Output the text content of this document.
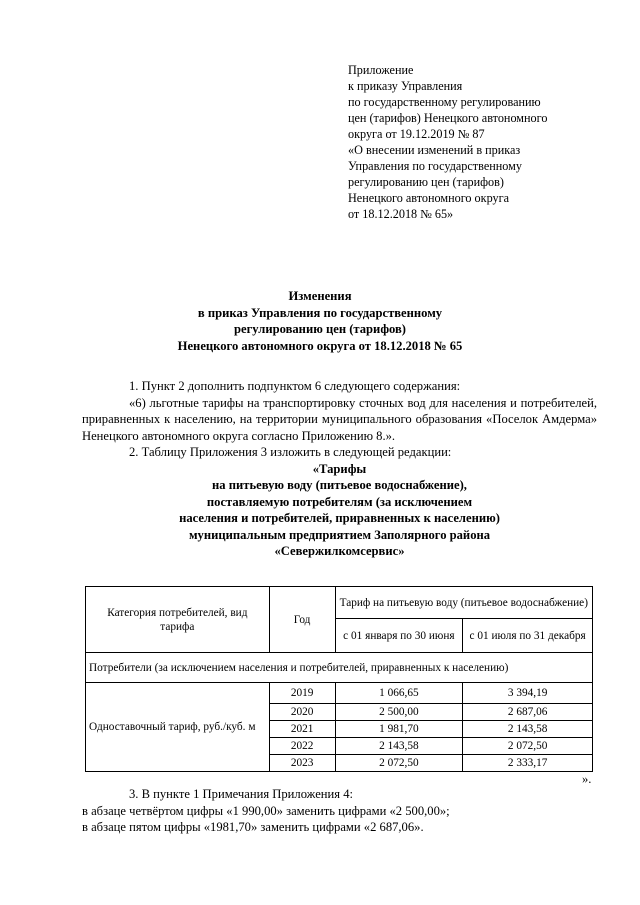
Приложение
к приказу Управления
по государственному регулированию
цен (тарифов) Ненецкого автономного
округа от 19.12.2019 № 87
«О внесении изменений в приказ
Управления по государственному
регулированию цен (тарифов)
Ненецкого автономного округа
от 18.12.2018 № 65»
Изменения
в приказ Управления по государственному
регулированию цен (тарифов)
Ненецкого автономного округа от 18.12.2018 № 65
1. Пункт 2 дополнить подпунктом 6 следующего содержания:
«6) льготные тарифы на транспортировку сточных вод для населения и потребителей, приравненных к населению, на территории муниципального образования «Поселок Амдерма» Ненецкого автономного округа согласно Приложению 8.».
2. Таблицу Приложения 3 изложить в следующей редакции:
«Тарифы
на питьевую воду (питьевое водоснабжение),
поставляемую потребителям (за исключением
населения и потребителей, приравненных к населению)
муниципальным предприятием Заполярного района
«Севержилкомсервис»
Категория потребителей, вид тарифа	Год	Тариф на питьевую воду (питьевое водоснабжение)	
		с 01 января по 30 июня	с 01 июля по 31 декабря
Потребители (за исключением населения и потребителей, приравненных к населению)			
Одноставочный тариф, руб./куб. м	2019	1 066,65	3 394,19
	2020	2 500,00	2 687,06
	2021	1 981,70	2 143,58
	2022	2 143,58	2 072,50
	2023	2 072,50	2 333,17
».
3. В пункте 1 Примечания Приложения 4:
в абзаце четвёртом цифры «1 990,00» заменить цифрами «2 500,00»;
в абзаце пятом цифры «1981,70» заменить цифрами «2 687,06».
